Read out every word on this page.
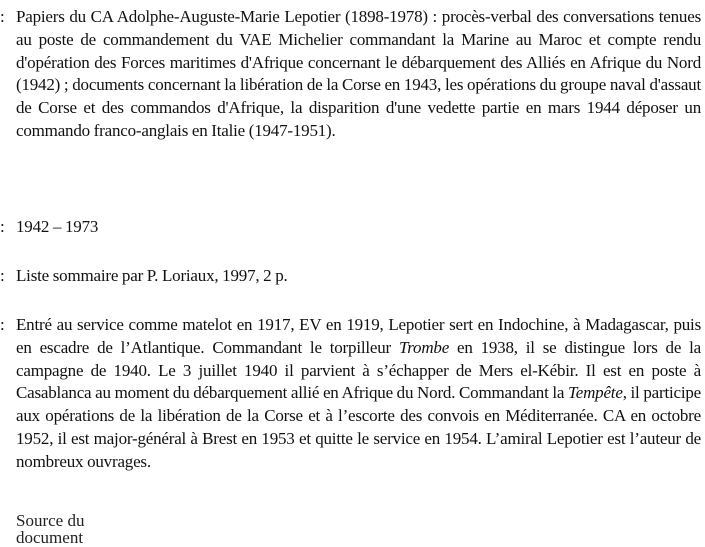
: Papiers du CA Adolphe-Auguste-Marie Lepotier (1898-1978) : procès-verbal des conversations tenues au poste de commandement du VAE Michelier commandant la Marine au Maroc et compte rendu d'opération des Forces maritimes d'Afrique concernant le débarquement des Alliés en Afrique du Nord (1942) ; documents concernant la libération de la Corse en 1943, les opérations du groupe naval d'assaut de Corse et des commandos d'Afrique, la disparition d'une vedette partie en mars 1944 déposer un commando franco-anglais en Italie (1947-1951).
: 1942 – 1973
: Liste sommaire par P. Loriaux, 1997, 2 p.
: Entré au service comme matelot en 1917, EV en 1919, Lepotier sert en Indochine, à Madagascar, puis en escadre de l’Atlantique. Commandant le torpilleur Trombe en 1938, il se distingue lors de la campagne de 1940. Le 3 juillet 1940 il parvient à s’échapper de Mers el-Kébir. Il est en poste à Casablanca au moment du débarquement allié en Afrique du Nord. Commandant la Tempête, il participe aux opérations de la libération de la Corse et à l’escorte des convois en Méditerranée. CA en octobre 1952, il est major-général à Brest en 1953 et quitte le service en 1954. L’amiral Lepotier est l’auteur de nombreux ouvrages.
Source du document
